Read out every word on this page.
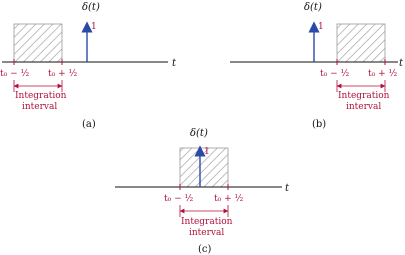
t
1
δ(t)
t₀ − ½ t₀ + ½
Integration
interval
(a)
t
1
δ(t)
t₀ − ½ t₀ + ½
Integration
interval
(b)
t
1
δ(t)
t₀ − ½ t₀ + ½
Integration
interval
(c)
